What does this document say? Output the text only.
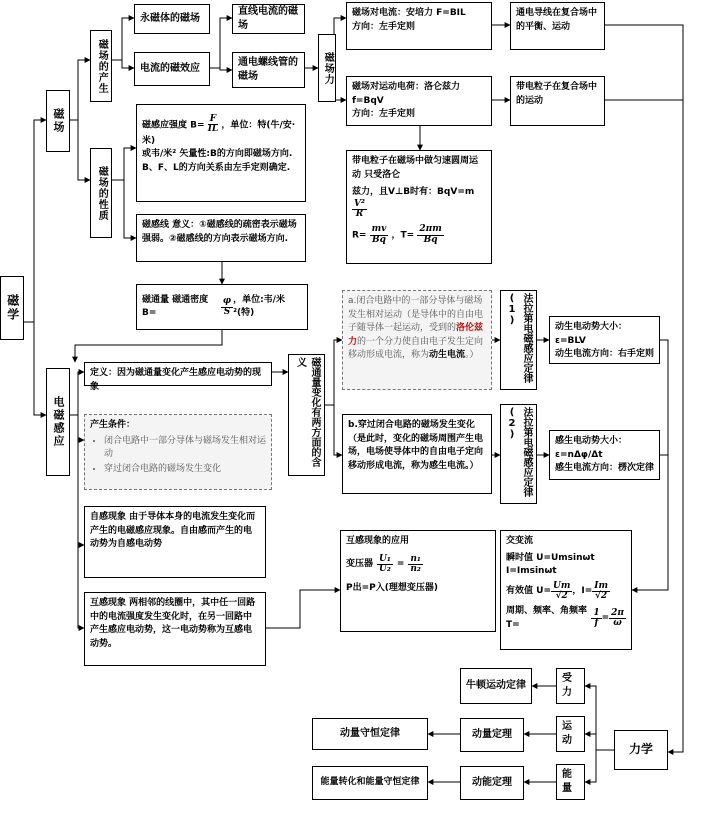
磁学
磁场
磁场的产生
永磁体的磁场
电流的磁效应
直线电流的磁场
通电螺线管的磁场
磁场的性质
磁感应强度 $B= \frac{F}{IL}$ ，单位：特(牛/安·米)
或韦/米² 矢量性:B的方向即磁场方向.
B、F、L的方向关系由左手定则确定.
磁感线 意义：①磁感线的疏密表示磁场强弱。②磁感线的方向表示磁场方向.
磁通量 磁通密度 B=	$\frac{\varphi}{S}$ ，单位:韦/米²(特)
磁场力
磁场对电流：安培力 F=BIL
方向：左手定则
通电导线在复合场中的平衡、运动
磁场对运动电荷：洛仑兹力 f=BqV
方向：左手定则
带电粒子在复合场中的运动
带电粒子在磁场中做匀速圆周运动 只受洛仑
兹力，且V⊥B时有：BqV=m
$\frac{\text{V²}}{R}$
$R= \frac{mv}{Bq}$ ，$T= \frac{2\pi m}{Bq}$
电磁感应
定义：因为磁通量变化产生感应电动势的现象
产生条件：
• 闭合电路中一部分导体与磁场发生相对运动
• 穿过闭合电路的磁场发生变化
磁通量变化有两方面的含义
a.闭合电路中的一部分导体与磁场发生相对运动（是导体中的自由电子随导体一起运动，受到的洛伦兹力的一个分力使自由电子发生定向移动形成电流，称为动生电流。）
b.穿过闭合电路的磁场发生变化（是此时，变化的磁场周围产生电场，电场使导体中的自由电子定向移动形成电流，称为感生电流。）
法拉第电磁感应定律(1)
法拉第电磁感应定律(2)
动生电动势大小：ε=BLV
动生电流方向：右手定则
感生电动势大小：ε=nΔφ/Δt
感生电流方向：楞次定律
自感现象 由于导体本身的电流发生变化而产生的电磁感应现象。自由感而产生的电动势为自感电动势
互感现象 两相邻的线圈中，其中任一回路中的电流强度发生变化时，在另一回路中产生感应电动势，这一电动势称为互感电动势。
互感现象的应用
变压器 $\frac{\text{U₁}}{\text{U₂}} = \frac{\text{n₁}}{\text{n₂}}$
P出=P入(理想变压器)
交变流
瞬时值 U=Umsinωt I=Imsinωt
有效值 $U= \frac{Um}{√2}$ ，$I= \frac{Im}{√2}$
周期、频率、角频率 T=	$\frac{1}{f} = \frac{2\pi}{\omega}$
力学
受力
运动
能量
牛顿运动定律
动量定理
动能定理
动量守恒定律
能量转化和能量守恒定律
